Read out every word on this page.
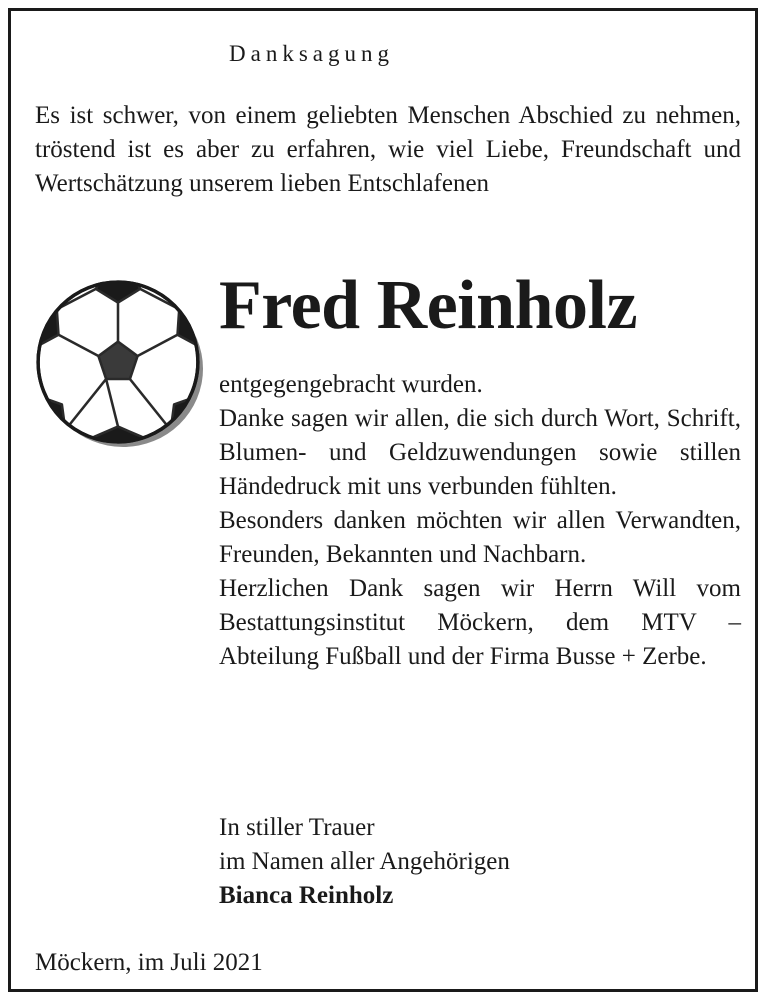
Danksagung
Es ist schwer, von einem geliebten Menschen Abschied zu nehmen, tröstend ist es aber zu erfahren, wie viel Liebe, Freundschaft und Wertschätzung unserem lieben Entschlafenen
Fred Reinholz

entgegengebracht wurden.

Danke sagen wir allen, die sich durch Wort, Schrift, Blumen- und Geldzuwendungen sowie stillen Händedruck mit uns verbunden fühlten.

Besonders danken möchten wir allen Verwandten, Freunden, Bekannten und Nachbarn.

Herzlichen Dank sagen wir Herrn Will vom Bestattungsinstitut Möckern, dem MTV – Abteilung Fußball und der Firma Busse + Zerbe.

In stiller Trauer
im Namen aller Angehörigen
Bianca Reinholz
Möckern, im Juli 2021
